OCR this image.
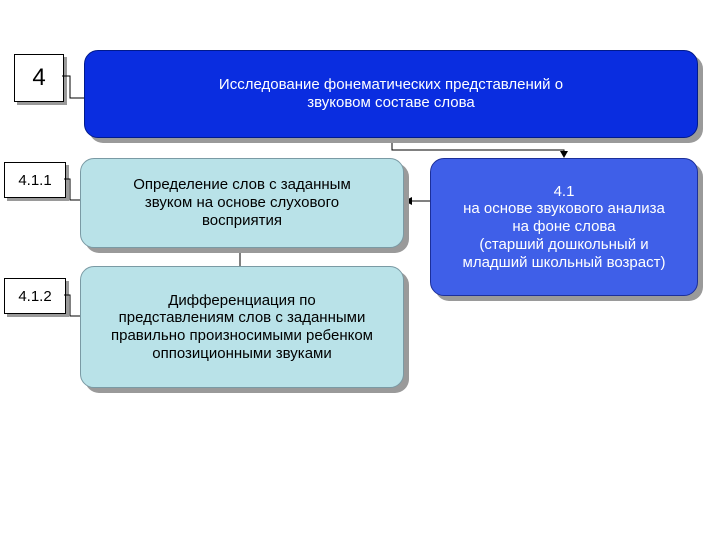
4
4.1.1
4.1.2
Исследование фонематических представлений о
звуковом составе слова
Определение слов с заданным
звуком на основе слухового
восприятия
Дифференциация по
представлениям слов с заданными
правильно произносимыми ребенком
оппозиционными звуками
4.1
на основе звукового анализа
на фоне слова
(старший дошкольный и
младший школьный возраст)
